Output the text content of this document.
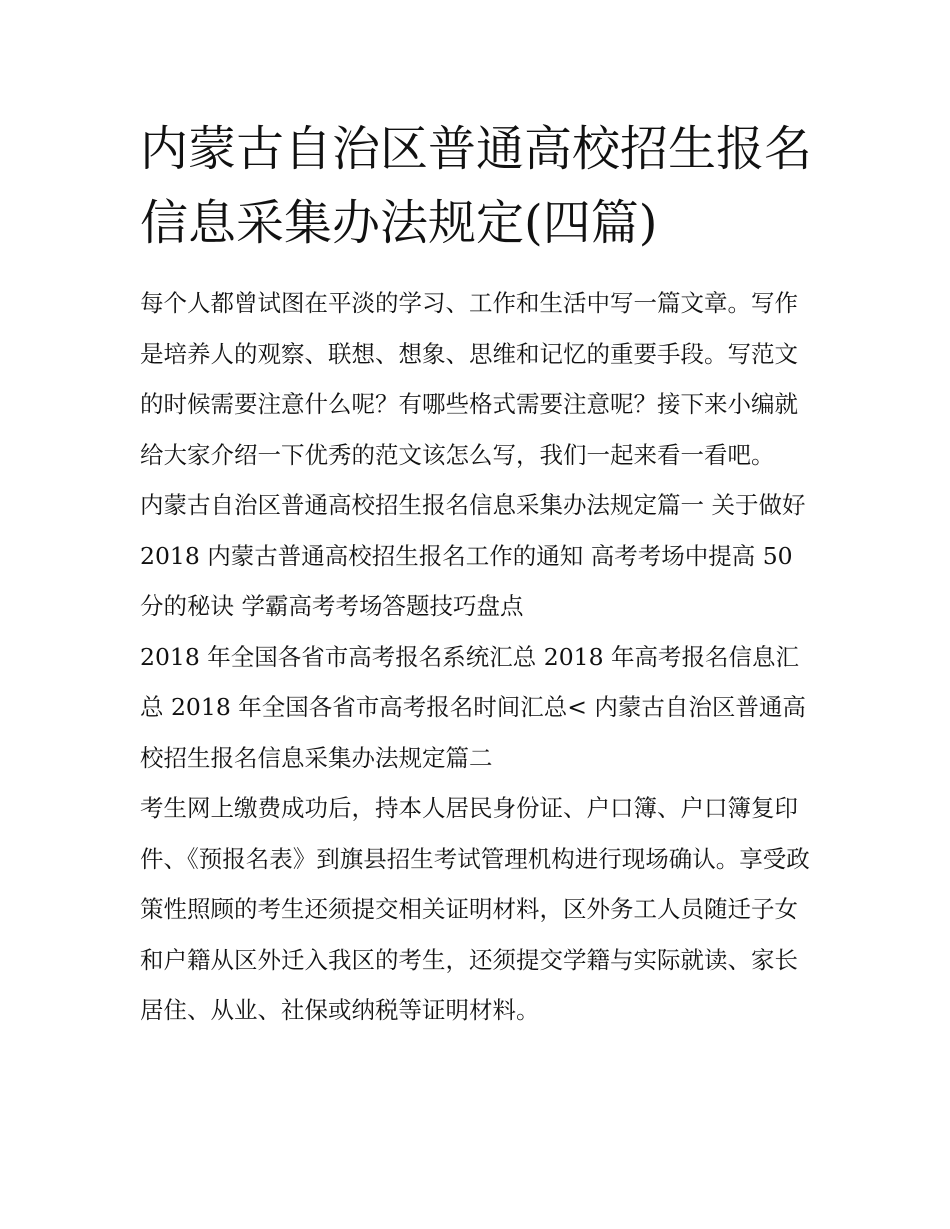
内蒙古自治区普通高校招生报名信息采集办法规定(四篇)

每个人都曾试图在平淡的学习、工作和生活中写一篇文章。写作是培养人的观察、联想、想象、思维和记忆的重要手段。写范文的时候需要注意什么呢？有哪些格式需要注意呢？接下来小编就给大家介绍一下优秀的范文该怎么写，我们一起来看一看吧。

内蒙古自治区普通高校招生报名信息采集办法规定篇一 关于做好 2018 内蒙古普通高校招生报名工作的通知 高考考场中提高 50 分的秘诀 学霸高考考场答题技巧盘点

2018 年全国各省市高考报名系统汇总 2018 年高考报名信息汇总 2018 年全国各省市高考报名时间汇总< 内蒙古自治区普通高校招生报名信息采集办法规定篇二

考生网上缴费成功后，持本人居民身份证、户口簿、户口簿复印件、《预报名表》到旗县招生考试管理机构进行现场确认。享受政策性照顾的考生还须提交相关证明材料，区外务工人员随迁子女和户籍从区外迁入我区的考生，还须提交学籍与实际就读、家长居住、从业、社保或纳税等证明材料。
